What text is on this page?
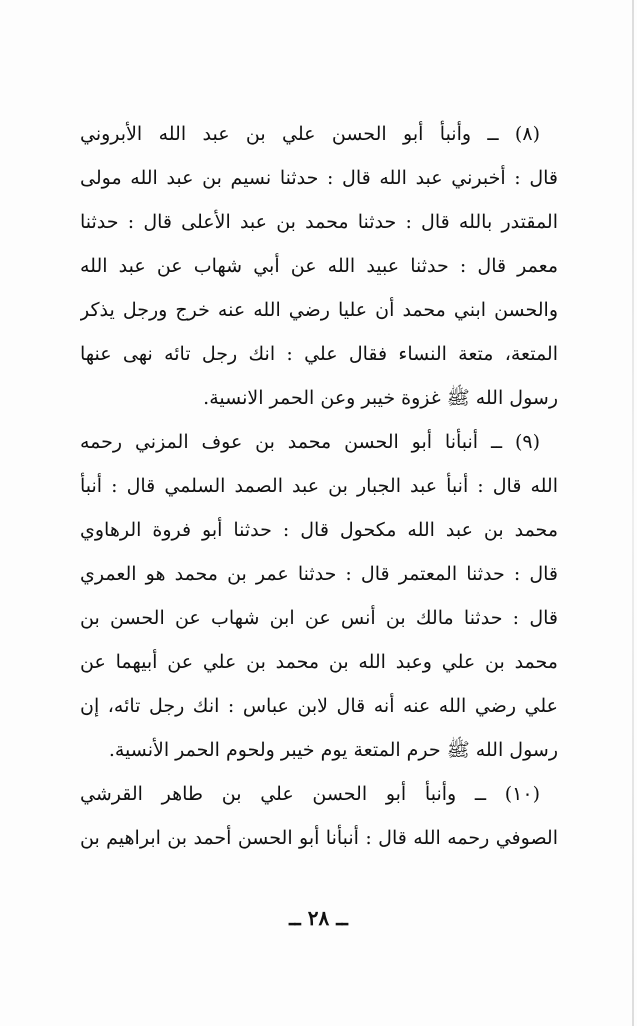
(٨) ــ وأنبأ أبو الحسن علي بن عبد الله الأبروني
قال : أخبرني عبد الله قال : حدثنا نسيم بن عبد الله مولى
المقتدر بالله قال : حدثنا محمد بن عبد الأعلى قال : حدثنا
معمر قال : حدثنا عبيد الله عن أبي شهاب عن عبد الله
والحسن ابني محمد أن عليا رضي الله عنه خرج ورجل يذكر
المتعة، متعة النساء فقال علي : انك رجل تائه نهى عنها
رسول الله ﷺ غزوة خيبر وعن الحمر الانسية.
(٩) ــ أنبأنا أبو الحسن محمد بن عوف المزني رحمه
الله قال : أنبأ عبد الجبار بن عبد الصمد السلمي قال : أنبأ
محمد بن عبد الله مكحول قال : حدثنا أبو فروة الرهاوي
قال : حدثنا المعتمر قال : حدثنا عمر بن محمد هو العمري
قال : حدثنا مالك بن أنس عن ابن شهاب عن الحسن بن
محمد بن علي وعبد الله بن محمد بن علي عن أبيهما عن
علي رضي الله عنه أنه قال لابن عباس : انك رجل تائه، إن
رسول الله ﷺ حرم المتعة يوم خيبر ولحوم الحمر الأنسية.
(١٠) ــ وأنبأ أبو الحسن علي بن طاهر القرشي
الصوفي رحمه الله قال : أنبأنا أبو الحسن أحمد بن ابراهيم بن
ــ ٢٨ ــ
